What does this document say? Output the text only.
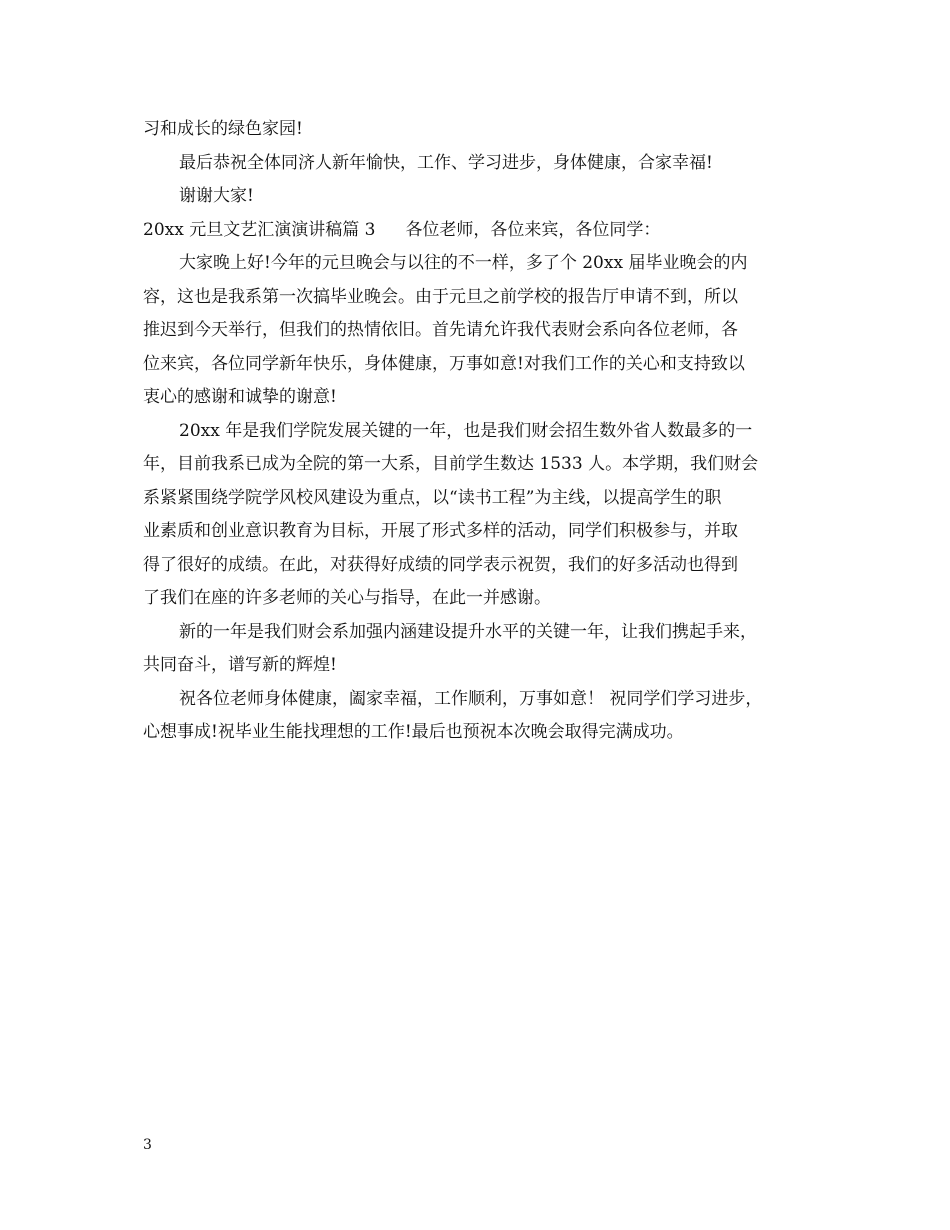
习和成长的绿色家园!

最后恭祝全体同济人新年愉快，工作、学习进步，身体健康，合家幸福!

谢谢大家!

20xx 元旦文艺汇演演讲稿篇 3 各位老师，各位来宾，各位同学：

大家晚上好!今年的元旦晚会与以往的不一样，多了个 20xx 届毕业晚会的内

容，这也是我系第一次搞毕业晚会。由于元旦之前学校的报告厅申请不到，所以

推迟到今天举行，但我们的热情依旧。首先请允许我代表财会系向各位老师，各

位来宾，各位同学新年快乐，身体健康，万事如意!对我们工作的关心和支持致以

衷心的感谢和诚挚的谢意!

20xx 年是我们学院发展关键的一年，也是我们财会招生数外省人数最多的一

年，目前我系已成为全院的第一大系，目前学生数达 1533 人。本学期，我们财会

系紧紧围绕学院学风校风建设为重点，以“读书工程”为主线，以提高学生的职

业素质和创业意识教育为目标，开展了形式多样的活动，同学们积极参与，并取

得了很好的成绩。在此，对获得好成绩的同学表示祝贺，我们的好多活动也得到

了我们在座的许多老师的关心与指导，在此一并感谢。

新的一年是我们财会系加强内涵建设提升水平的关键一年，让我们携起手来，

共同奋斗，谱写新的辉煌!

祝各位老师身体健康，阖家幸福，工作顺利，万事如意！ 祝同学们学习进步，

心想事成!祝毕业生能找理想的工作!最后也预祝本次晚会取得完满成功。

3
